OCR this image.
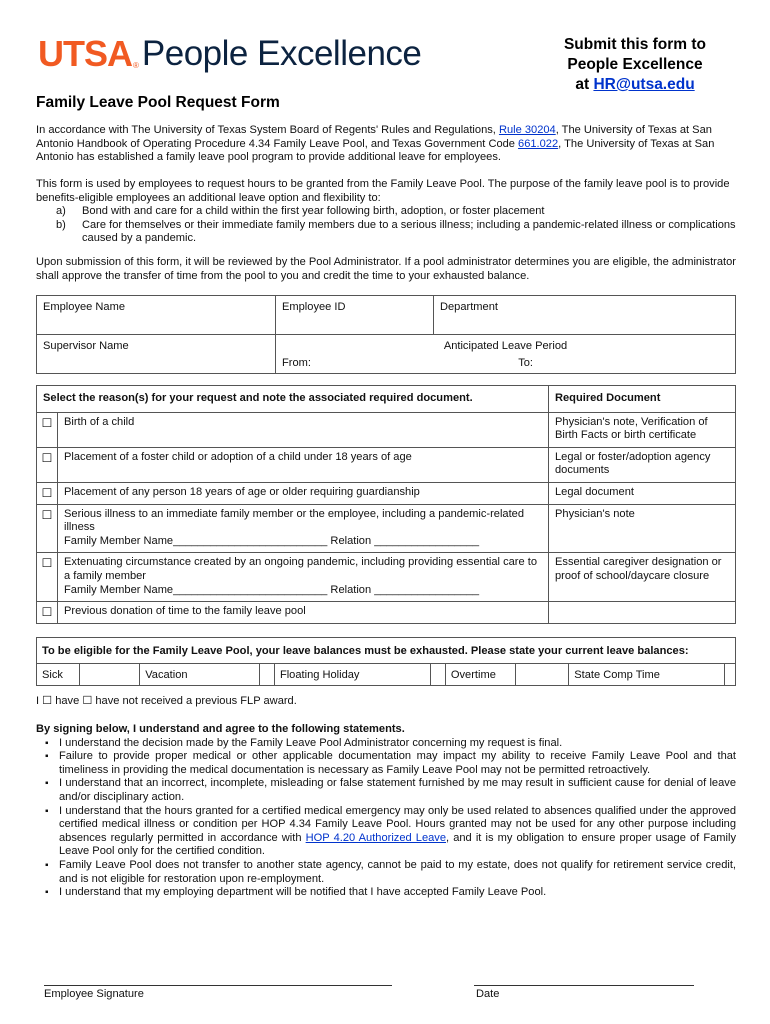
UTSA ® People Excellence	Submit this form to
People Excellence
at HR@utsa.edu
Family Leave Pool Request Form
In accordance with The University of Texas System Board of Regents' Rules and Regulations, Rule 30204, The University of Texas at San Antonio Handbook of Operating Procedure 4.34 Family Leave Pool, and Texas Government Code 661.022, The University of Texas at San Antonio has established a family leave pool program to provide additional leave for employees.
This form is used by employees to request hours to be granted from the Family Leave Pool. The purpose of the family leave pool is to provide benefits-eligible employees an additional leave option and flexibility to:
a) Bond with and care for a child within the first year following birth, adoption, or foster placement
b) Care for themselves or their immediate family members due to a serious illness; including a pandemic-related illness or complications caused by a pandemic.
Upon submission of this form, it will be reviewed by the Pool Administrator. If a pool administrator determines you are eligible, the administrator shall approve the transfer of time from the pool to you and credit the time to your exhausted balance.
Employee Name	Employee ID	Department
Supervisor Name	Anticipated Leave Period
From: To:	
Select the reason(s) for your request and note the associated required document.		Required Document
☐	Birth of a child	Physician's note, Verification of Birth Facts or birth certificate
☐	Placement of a foster child or adoption of a child under 18 years of age	Legal or foster/adoption agency documents
☐	Placement of any person 18 years of age or older requiring guardianship	Legal document
☐	Serious illness to an immediate family member or the employee, including a pandemic-related illness
Family Member Name_________________________ Relation _________________	Physician's note
☐	Extenuating circumstance created by an ongoing pandemic, including providing essential care to a family member
Family Member Name_________________________ Relation _________________	Essential caregiver designation or proof of school/daycare closure
☐	Previous donation of time to the family leave pool	
To be eligible for the Family Leave Pool, your leave balances must be exhausted. Please state your current leave balances:
Sick		Vacation		Floating Holiday		Overtime		State Comp Time	
I ☐ have ☐ have not received a previous FLP award.
By signing below, I understand and agree to the following statements.
▪ I understand the decision made by the Family Leave Pool Administrator concerning my request is final.
▪ Failure to provide proper medical or other applicable documentation may impact my ability to receive Family Leave Pool and that timeliness in providing the medical documentation is necessary as Family Leave Pool may not be permitted retroactively.
▪ I understand that an incorrect, incomplete, misleading or false statement furnished by me may result in sufficient cause for denial of leave and/or disciplinary action.
▪ I understand that the hours granted for a certified medical emergency may only be used related to absences qualified under the approved certified medical illness or condition per HOP 4.34 Family Leave Pool. Hours granted may not be used for any other purpose including absences regularly permitted in accordance with HOP 4.20 Authorized Leave, and it is my obligation to ensure proper usage of Family Leave Pool only for the certified condition.
▪ Family Leave Pool does not transfer to another state agency, cannot be paid to my estate, does not qualify for retirement service credit, and is not eligible for restoration upon re-employment.
▪ I understand that my employing department will be notified that I have accepted Family Leave Pool.
Employee Signature	Date
